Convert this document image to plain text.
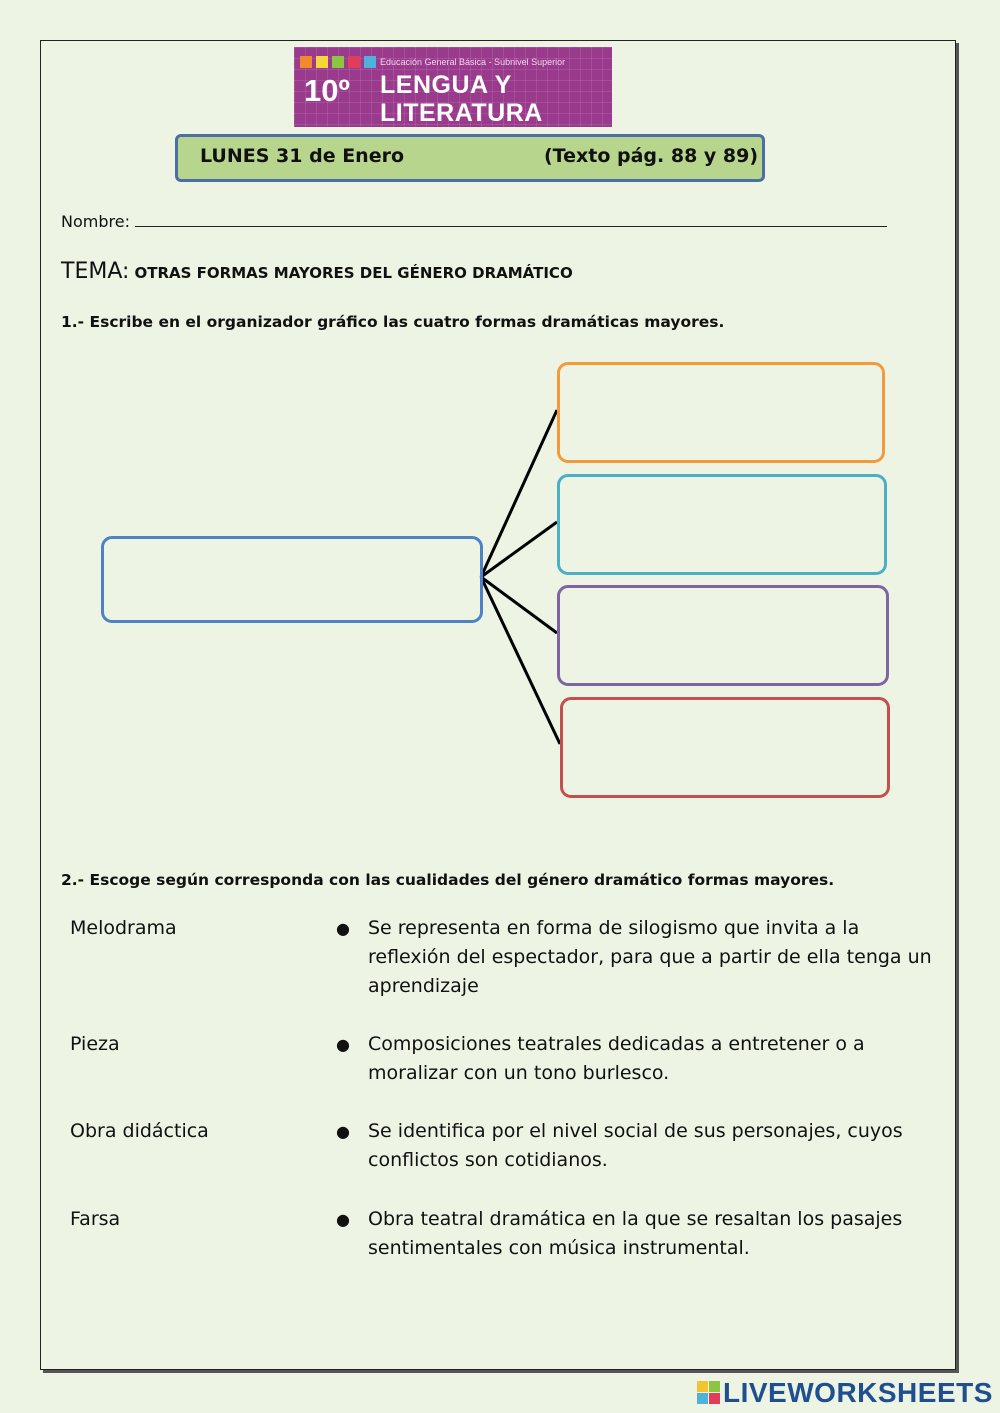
Educación General Básica - Subnivel Superior
10º LENGUA Y
LITERATURA
LUNES 31 de Enero	(Texto pág. 88 y 89)
Nombre:
TEMA: OTRAS FORMAS MAYORES DEL GÉNERO DRAMÁTICO
1.- Escribe en el organizador gráfico las cuatro formas dramáticas mayores.
2.- Escoge según corresponda con las cualidades del género dramático formas mayores.
Melodrama	● Se representa en forma de silogismo que invita a la reflexión del espectador, para que a partir de ella tenga un aprendizaje
Pieza	● Composiciones teatrales dedicadas a entretener o a moralizar con un tono burlesco.
Obra didáctica	● Se identifica por el nivel social de sus personajes, cuyos conflictos son cotidianos.
Farsa	● Obra teatral dramática en la que se resaltan los pasajes sentimentales con música instrumental.
LIVEWORKSHEETS
